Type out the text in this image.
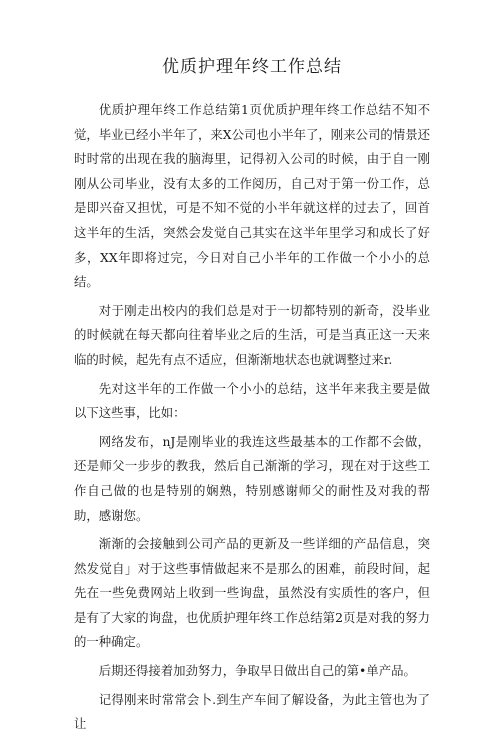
优质护理年终工作总结

优质护理年终工作总结第1页优质护理年终工作总结不知不觉，毕业已经小半年了，来X公司也小半年了，刚来公司的情景还时时常的出现在我的脑海里，记得初入公司的时候，由于自一刚刚从公司毕业，没有太多的工作阅历，自己对于第一份工作，总是即兴奋又担忧，可是不知不觉的小半年就这样的过去了，回首这半年的生活，突然会发觉自己其实在这半年里学习和成长了好多，XX年即将过完，今日对自己小半年的工作做一个小小的总结。

对于刚走出校内的我们总是对于一切都特别的新奇，没毕业的时候就在每天都向往着毕业之后的生活，可是当真正这一天来临的时候，起先有点不适应，但渐渐地状态也就调整过来r.

先对这半年的工作做一个小小的总结，这半年来我主要是做以下这些事，比如：

网络发布，nJ是刚毕业的我连这些最基本的工作都不会做，还是师父一步步的教我，然后自己渐渐的学习，现在对于这些工作自己做的也是特别的娴熟，特别感谢师父的耐性及对我的帮助，感谢您。

渐渐的会接触到公司产品的更新及一些详细的产品信息，突然发觉自」对于这些事情做起来不是那么的困难，前段时间，起先在一些免费网站上收到一些询盘，虽然没有实质性的客户，但是有了大家的询盘，也优质护理年终工作总结第2页是对我的努力的一种确定。

后期还得接着加劲努力，争取早日做出自己的第•单产品。

记得刚来时常常会卜.到生产车间了解设备，为此主管也为了让
